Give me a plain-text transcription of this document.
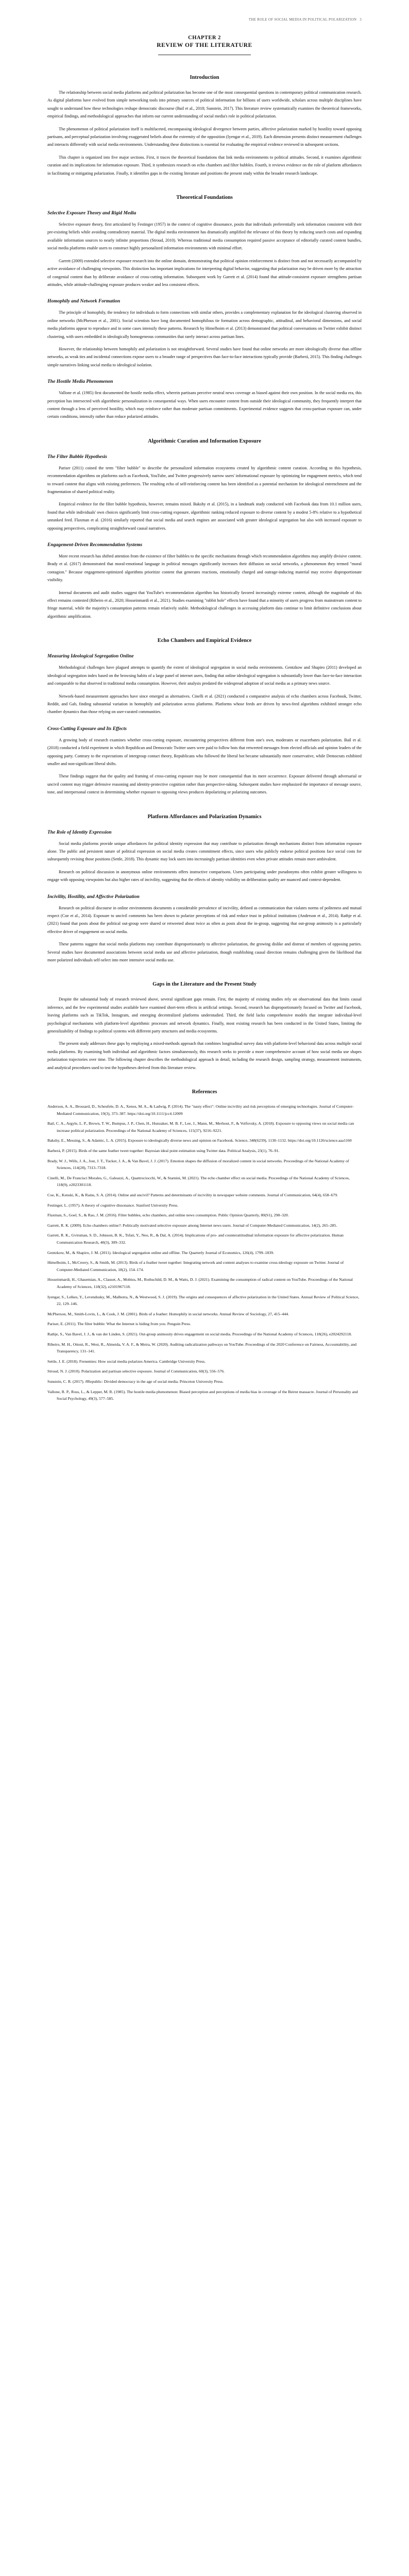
THE ROLE OF SOCIAL MEDIA IN POLITICAL POLARIZATION 3
CHAPTER 2
REVIEW OF THE LITERATURE
Introduction

The relationship between social media platforms and political polarization has become one of the most consequential questions in contemporary political communication research. As digital platforms have evolved from simple networking tools into primary sources of political information for billions of users worldwide, scholars across multiple disciplines have sought to understand how these technologies reshape democratic discourse (Bail et al., 2018; Sunstein, 2017). This literature review systematically examines the theoretical frameworks, empirical findings, and methodological approaches that inform our current understanding of social media's role in political polarization.

The phenomenon of political polarization itself is multifaceted, encompassing ideological divergence between parties, affective polarization marked by hostility toward opposing partisans, and perceptual polarization involving exaggerated beliefs about the extremity of the opposition (Iyengar et al., 2019). Each dimension presents distinct measurement challenges and interacts differently with social media environments. Understanding these distinctions is essential for evaluating the empirical evidence reviewed in subsequent sections.

This chapter is organized into five major sections. First, it traces the theoretical foundations that link media environments to political attitudes. Second, it examines algorithmic curation and its implications for information exposure. Third, it synthesizes research on echo chambers and filter bubbles. Fourth, it reviews evidence on the role of platform affordances in facilitating or mitigating polarization. Finally, it identifies gaps in the existing literature and positions the present study within the broader research landscape.

Theoretical Foundations
Selective Exposure Theory and Rigid Media

Selective exposure theory, first articulated by Festinger (1957) in the context of cognitive dissonance, posits that individuals preferentially seek information consistent with their pre-existing beliefs while avoiding contradictory material. The digital media environment has dramatically amplified the relevance of this theory by reducing search costs and expanding available information sources to nearly infinite proportions (Stroud, 2010). Whereas traditional media consumption required passive acceptance of editorially curated content bundles, social media platforms enable users to construct highly personalized information environments with minimal effort.

Garrett (2009) extended selective exposure research into the online domain, demonstrating that political opinion reinforcement is distinct from and not necessarily accompanied by active avoidance of challenging viewpoints. This distinction has important implications for interpreting digital behavior, suggesting that polarization may be driven more by the attraction of congenial content than by deliberate avoidance of cross-cutting information. Subsequent work by Garrett et al. (2014) found that attitude-consistent exposure strengthens partisan attitudes, while attitude-challenging exposure produces weaker and less consistent effects.

Homophily and Network Formation

The principle of homophily, the tendency for individuals to form connections with similar others, provides a complementary explanation for the ideological clustering observed in online networks (McPherson et al., 2001). Social scientists have long documented homophilous tie formation across demographic, attitudinal, and behavioral dimensions, and social media platforms appear to reproduce and in some cases intensify these patterns. Research by Himelboim et al. (2013) demonstrated that political conversations on Twitter exhibit distinct clustering, with users embedded in ideologically homogeneous communities that rarely interact across partisan lines.

However, the relationship between homophily and polarization is not straightforward. Several studies have found that online networks are more ideologically diverse than offline networks, as weak ties and incidental connections expose users to a broader range of perspectives than face-to-face interactions typically provide (Barberá, 2015). This finding challenges simple narratives linking social media to ideological isolation.

The Hostile Media Phenomenon

Vallone et al. (1985) first documented the hostile media effect, wherein partisans perceive neutral news coverage as biased against their own position. In the social media era, this perception has intersected with algorithmic personalization in consequential ways. When users encounter content from outside their ideological community, they frequently interpret that content through a lens of perceived hostility, which may reinforce rather than moderate partisan commitments. Experimental evidence suggests that cross-partisan exposure can, under certain conditions, intensify rather than reduce polarized attitudes.

Algorithmic Curation and Information Exposure
The Filter Bubble Hypothesis

Pariser (2011) coined the term "filter bubble" to describe the personalized information ecosystems created by algorithmic content curation. According to this hypothesis, recommendation algorithms on platforms such as Facebook, YouTube, and Twitter progressively narrow users' informational exposure by optimizing for engagement metrics, which tend to reward content that aligns with existing preferences. The resulting echo of self-reinforcing content has been identified as a potential mechanism for ideological entrenchment and the fragmentation of shared political reality.

Empirical evidence for the filter bubble hypothesis, however, remains mixed. Bakshy et al. (2015), in a landmark study conducted with Facebook data from 10.1 million users, found that while individuals' own choices significantly limit cross-cutting exposure, algorithmic ranking reduced exposure to diverse content by a modest 5-8% relative to a hypothetical unranked feed. Flaxman et al. (2016) similarly reported that social media and search engines are associated with greater ideological segregation but also with increased exposure to opposing perspectives, complicating straightforward causal narratives.

Engagement-Driven Recommendation Systems

More recent research has shifted attention from the existence of filter bubbles to the specific mechanisms through which recommendation algorithms may amplify divisive content. Brady et al. (2017) demonstrated that moral-emotional language in political messages significantly increases their diffusion on social networks, a phenomenon they termed "moral contagion." Because engagement-optimized algorithms prioritize content that generates reactions, emotionally charged and outrage-inducing material may receive disproportionate visibility.

Internal documents and audit studies suggest that YouTube's recommendation algorithm has historically favored increasingly extreme content, although the magnitude of this effect remains contested (Ribeiro et al., 2020; Hosseinmardi et al., 2021). Studies examining "rabbit hole" effects have found that a minority of users progress from mainstream content to fringe material, while the majority's consumption patterns remain relatively stable. Methodological challenges in accessing platform data continue to limit definitive conclusions about algorithmic amplification.

Echo Chambers and Empirical Evidence
Measuring Ideological Segregation Online

Methodological challenges have plagued attempts to quantify the extent of ideological segregation in social media environments. Gentzkow and Shapiro (2011) developed an ideological segregation index based on the browsing habits of a large panel of internet users, finding that online ideological segregation is substantially lower than face-to-face interaction and comparable to that observed in traditional media consumption. However, their analysis predated the widespread adoption of social media as a primary news source.

Network-based measurement approaches have since emerged as alternatives. Cinelli et al. (2021) conducted a comparative analysis of echo chambers across Facebook, Twitter, Reddit, and Gab, finding substantial variation in homophily and polarization across platforms. Platforms whose feeds are driven by news-feed algorithms exhibited stronger echo chamber dynamics than those relying on user-curated communities.

Cross-Cutting Exposure and Its Effects

A growing body of research examines whether cross-cutting exposure, encountering perspectives different from one's own, moderates or exacerbates polarization. Bail et al. (2018) conducted a field experiment in which Republican and Democratic Twitter users were paid to follow bots that retweeted messages from elected officials and opinion leaders of the opposing party. Contrary to the expectations of intergroup contact theory, Republicans who followed the liberal bot became substantially more conservative, while Democrats exhibited smaller and non-significant liberal shifts.

These findings suggest that the quality and framing of cross-cutting exposure may be more consequential than its mere occurrence. Exposure delivered through adversarial or uncivil content may trigger defensive reasoning and identity-protective cognition rather than perspective-taking. Subsequent studies have emphasized the importance of message source, tone, and interpersonal context in determining whether exposure to opposing views produces depolarizing or polarizing outcomes.

Platform Affordances and Polarization Dynamics
The Role of Identity Expression

Social media platforms provide unique affordances for political identity expression that may contribute to polarization through mechanisms distinct from information exposure alone. The public and persistent nature of political expression on social media creates commitment effects, since users who publicly endorse political positions face social costs for subsequently revising those positions (Settle, 2018). This dynamic may lock users into increasingly partisan identities even when private attitudes remain more ambivalent.

Research on political discussion in anonymous online environments offers instructive comparisons. Users participating under pseudonyms often exhibit greater willingness to engage with opposing viewpoints but also higher rates of incivility, suggesting that the effects of identity visibility on deliberation quality are nuanced and context-dependent.

Incivility, Hostility, and Affective Polarization

Research on political discourse in online environments documents a considerable prevalence of incivility, defined as communication that violates norms of politeness and mutual respect (Coe et al., 2014). Exposure to uncivil comments has been shown to polarize perceptions of risk and reduce trust in political institutions (Anderson et al., 2014). Rathje et al. (2021) found that posts about the political out-group were shared or retweeted about twice as often as posts about the in-group, suggesting that out-group animosity is a particularly effective driver of engagement on social media.

These patterns suggest that social media platforms may contribute disproportionately to affective polarization, the growing dislike and distrust of members of opposing parties. Several studies have documented associations between social media use and affective polarization, though establishing causal direction remains challenging given the likelihood that more polarized individuals self-select into more intensive social media use.

Gaps in the Literature and the Present Study

Despite the substantial body of research reviewed above, several significant gaps remain. First, the majority of existing studies rely on observational data that limits causal inference, and the few experimental studies available have examined short-term effects in artificial settings. Second, research has disproportionately focused on Twitter and Facebook, leaving platforms such as TikTok, Instagram, and emerging decentralized platforms understudied. Third, the field lacks comprehensive models that integrate individual-level psychological mechanisms with platform-level algorithmic processes and network dynamics. Finally, most existing research has been conducted in the United States, limiting the generalizability of findings to political systems with different party structures and media ecosystems.

The present study addresses these gaps by employing a mixed-methods approach that combines longitudinal survey data with platform-level behavioral data across multiple social media platforms. By examining both individual and algorithmic factors simultaneously, this research seeks to provide a more comprehensive account of how social media use shapes polarization trajectories over time. The following chapter describes the methodological approach in detail, including the research design, sampling strategy, measurement instruments, and analytical procedures used to test the hypotheses derived from this literature review.

References

Anderson, A. A., Brossard, D., Scheufele, D. A., Xenos, M. A., & Ladwig, P. (2014). The "nasty effect": Online incivility and risk perceptions of emerging technologies. Journal of Computer-Mediated Communication, 19(3), 373–387. https://doi.org/10.1111/jcc4.12009

Bail, C. A., Argyle, L. P., Brown, T. W., Bumpus, J. P., Chen, H., Hunzaker, M. B. F., Lee, J., Mann, M., Merhout, F., & Volfovsky, A. (2018). Exposure to opposing views on social media can increase political polarization. Proceedings of the National Academy of Sciences, 115(37), 9216–9221.

Bakshy, E., Messing, S., & Adamic, L. A. (2015). Exposure to ideologically diverse news and opinion on Facebook. Science, 348(6239), 1130–1132. https://doi.org/10.1126/science.aaa1160

Barberá, P. (2015). Birds of the same feather tweet together: Bayesian ideal point estimation using Twitter data. Political Analysis, 23(1), 76–91.

Brady, W. J., Wills, J. A., Jost, J. T., Tucker, J. A., & Van Bavel, J. J. (2017). Emotion shapes the diffusion of moralized content in social networks. Proceedings of the National Academy of Sciences, 114(28), 7313–7318.

Cinelli, M., De Francisci Morales, G., Galeazzi, A., Quattrociocchi, W., & Starnini, M. (2021). The echo chamber effect on social media. Proceedings of the National Academy of Sciences, 118(9), e2023301118.

Coe, K., Kenski, K., & Rains, S. A. (2014). Online and uncivil? Patterns and determinants of incivility in newspaper website comments. Journal of Communication, 64(4), 658–679.

Festinger, L. (1957). A theory of cognitive dissonance. Stanford University Press.

Flaxman, S., Goel, S., & Rao, J. M. (2016). Filter bubbles, echo chambers, and online news consumption. Public Opinion Quarterly, 80(S1), 298–320.

Garrett, R. K. (2009). Echo chambers online?: Politically motivated selective exposure among Internet news users. Journal of Computer-Mediated Communication, 14(2), 265–285.

Garrett, R. K., Gvirsman, S. D., Johnson, B. K., Tsfati, Y., Neo, R., & Dal, A. (2014). Implications of pro- and counterattitudinal information exposure for affective polarization. Human Communication Research, 40(3), 309–332.

Gentzkow, M., & Shapiro, J. M. (2011). Ideological segregation online and offline. The Quarterly Journal of Economics, 126(4), 1799–1839.

Himelboim, I., McCreery, S., & Smith, M. (2013). Birds of a feather tweet together: Integrating network and content analyses to examine cross-ideology exposure on Twitter. Journal of Computer-Mediated Communication, 18(2), 154–174.

Hosseinmardi, H., Ghasemian, A., Clauset, A., Mobius, M., Rothschild, D. M., & Watts, D. J. (2021). Examining the consumption of radical content on YouTube. Proceedings of the National Academy of Sciences, 118(32), e2101967118.

Iyengar, S., Lelkes, Y., Levendusky, M., Malhotra, N., & Westwood, S. J. (2019). The origins and consequences of affective polarization in the United States. Annual Review of Political Science, 22, 129–146.

McPherson, M., Smith-Lovin, L., & Cook, J. M. (2001). Birds of a feather: Homophily in social networks. Annual Review of Sociology, 27, 415–444.

Pariser, E. (2011). The filter bubble: What the Internet is hiding from you. Penguin Press.

Rathje, S., Van Bavel, J. J., & van der Linden, S. (2021). Out-group animosity drives engagement on social media. Proceedings of the National Academy of Sciences, 118(26), e2024292118.

Ribeiro, M. H., Ottoni, R., West, R., Almeida, V. A. F., & Meira, W. (2020). Auditing radicalization pathways on YouTube. Proceedings of the 2020 Conference on Fairness, Accountability, and Transparency, 131–141.

Settle, J. E. (2018). Frenemies: How social media polarizes America. Cambridge University Press.

Stroud, N. J. (2010). Polarization and partisan selective exposure. Journal of Communication, 60(3), 556–576.

Sunstein, C. R. (2017). #Republic: Divided democracy in the age of social media. Princeton University Press.

Vallone, R. P., Ross, L., & Lepper, M. R. (1985). The hostile media phenomenon: Biased perception and perceptions of media bias in coverage of the Beirut massacre. Journal of Personality and Social Psychology, 49(3), 577–585.
